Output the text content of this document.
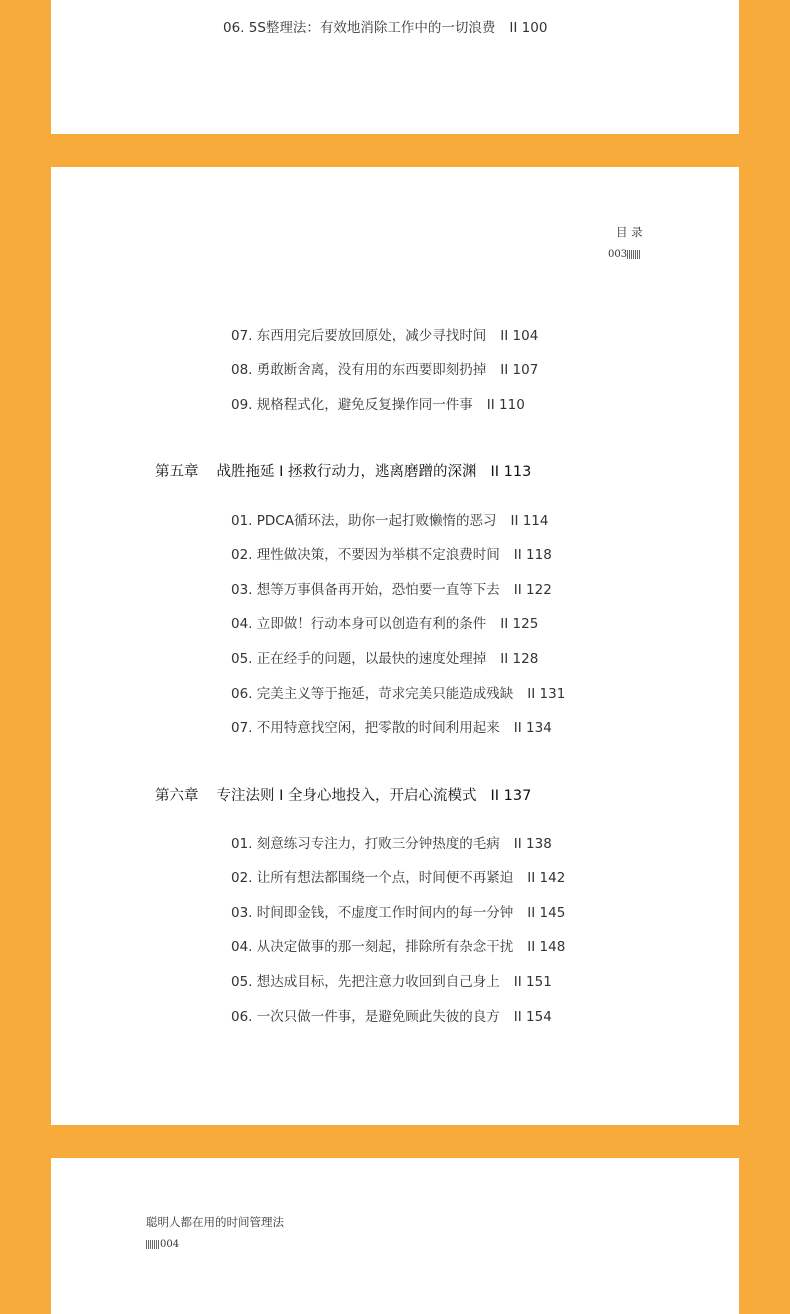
06. 5S整理法：有效地消除工作中的一切浪费 II 100
目 录
003
07. 东西用完后要放回原处，减少寻找时间 II 104
08. 勇敢断舍离，没有用的东西要即刻扔掉 II 107
09. 规格程式化，避免反复操作同一件事 II 110
第五章 战胜拖延 I 拯救行动力，逃离磨蹭的深渊 II 113
01. PDCA循环法，助你一起打败懒惰的恶习 II 114
02. 理性做决策，不要因为举棋不定浪费时间 II 118
03. 想等万事俱备再开始，恐怕要一直等下去 II 122
04. 立即做！行动本身可以创造有利的条件 II 125
05. 正在经手的问题，以最快的速度处理掉 II 128
06. 完美主义等于拖延，苛求完美只能造成残缺 II 131
07. 不用特意找空闲，把零散的时间利用起来 II 134
第六章 专注法则 I 全身心地投入，开启心流模式 II 137
01. 刻意练习专注力，打败三分钟热度的毛病 II 138
02. 让所有想法都围绕一个点，时间便不再紧迫 II 142
03. 时间即金钱，不虚度工作时间内的每一分钟 II 145
04. 从决定做事的那一刻起，排除所有杂念干扰 II 148
05. 想达成目标，先把注意力收回到自己身上 II 151
06. 一次只做一件事，是避免顾此失彼的良方 II 154
聪明人都在用的时间管理法
004
